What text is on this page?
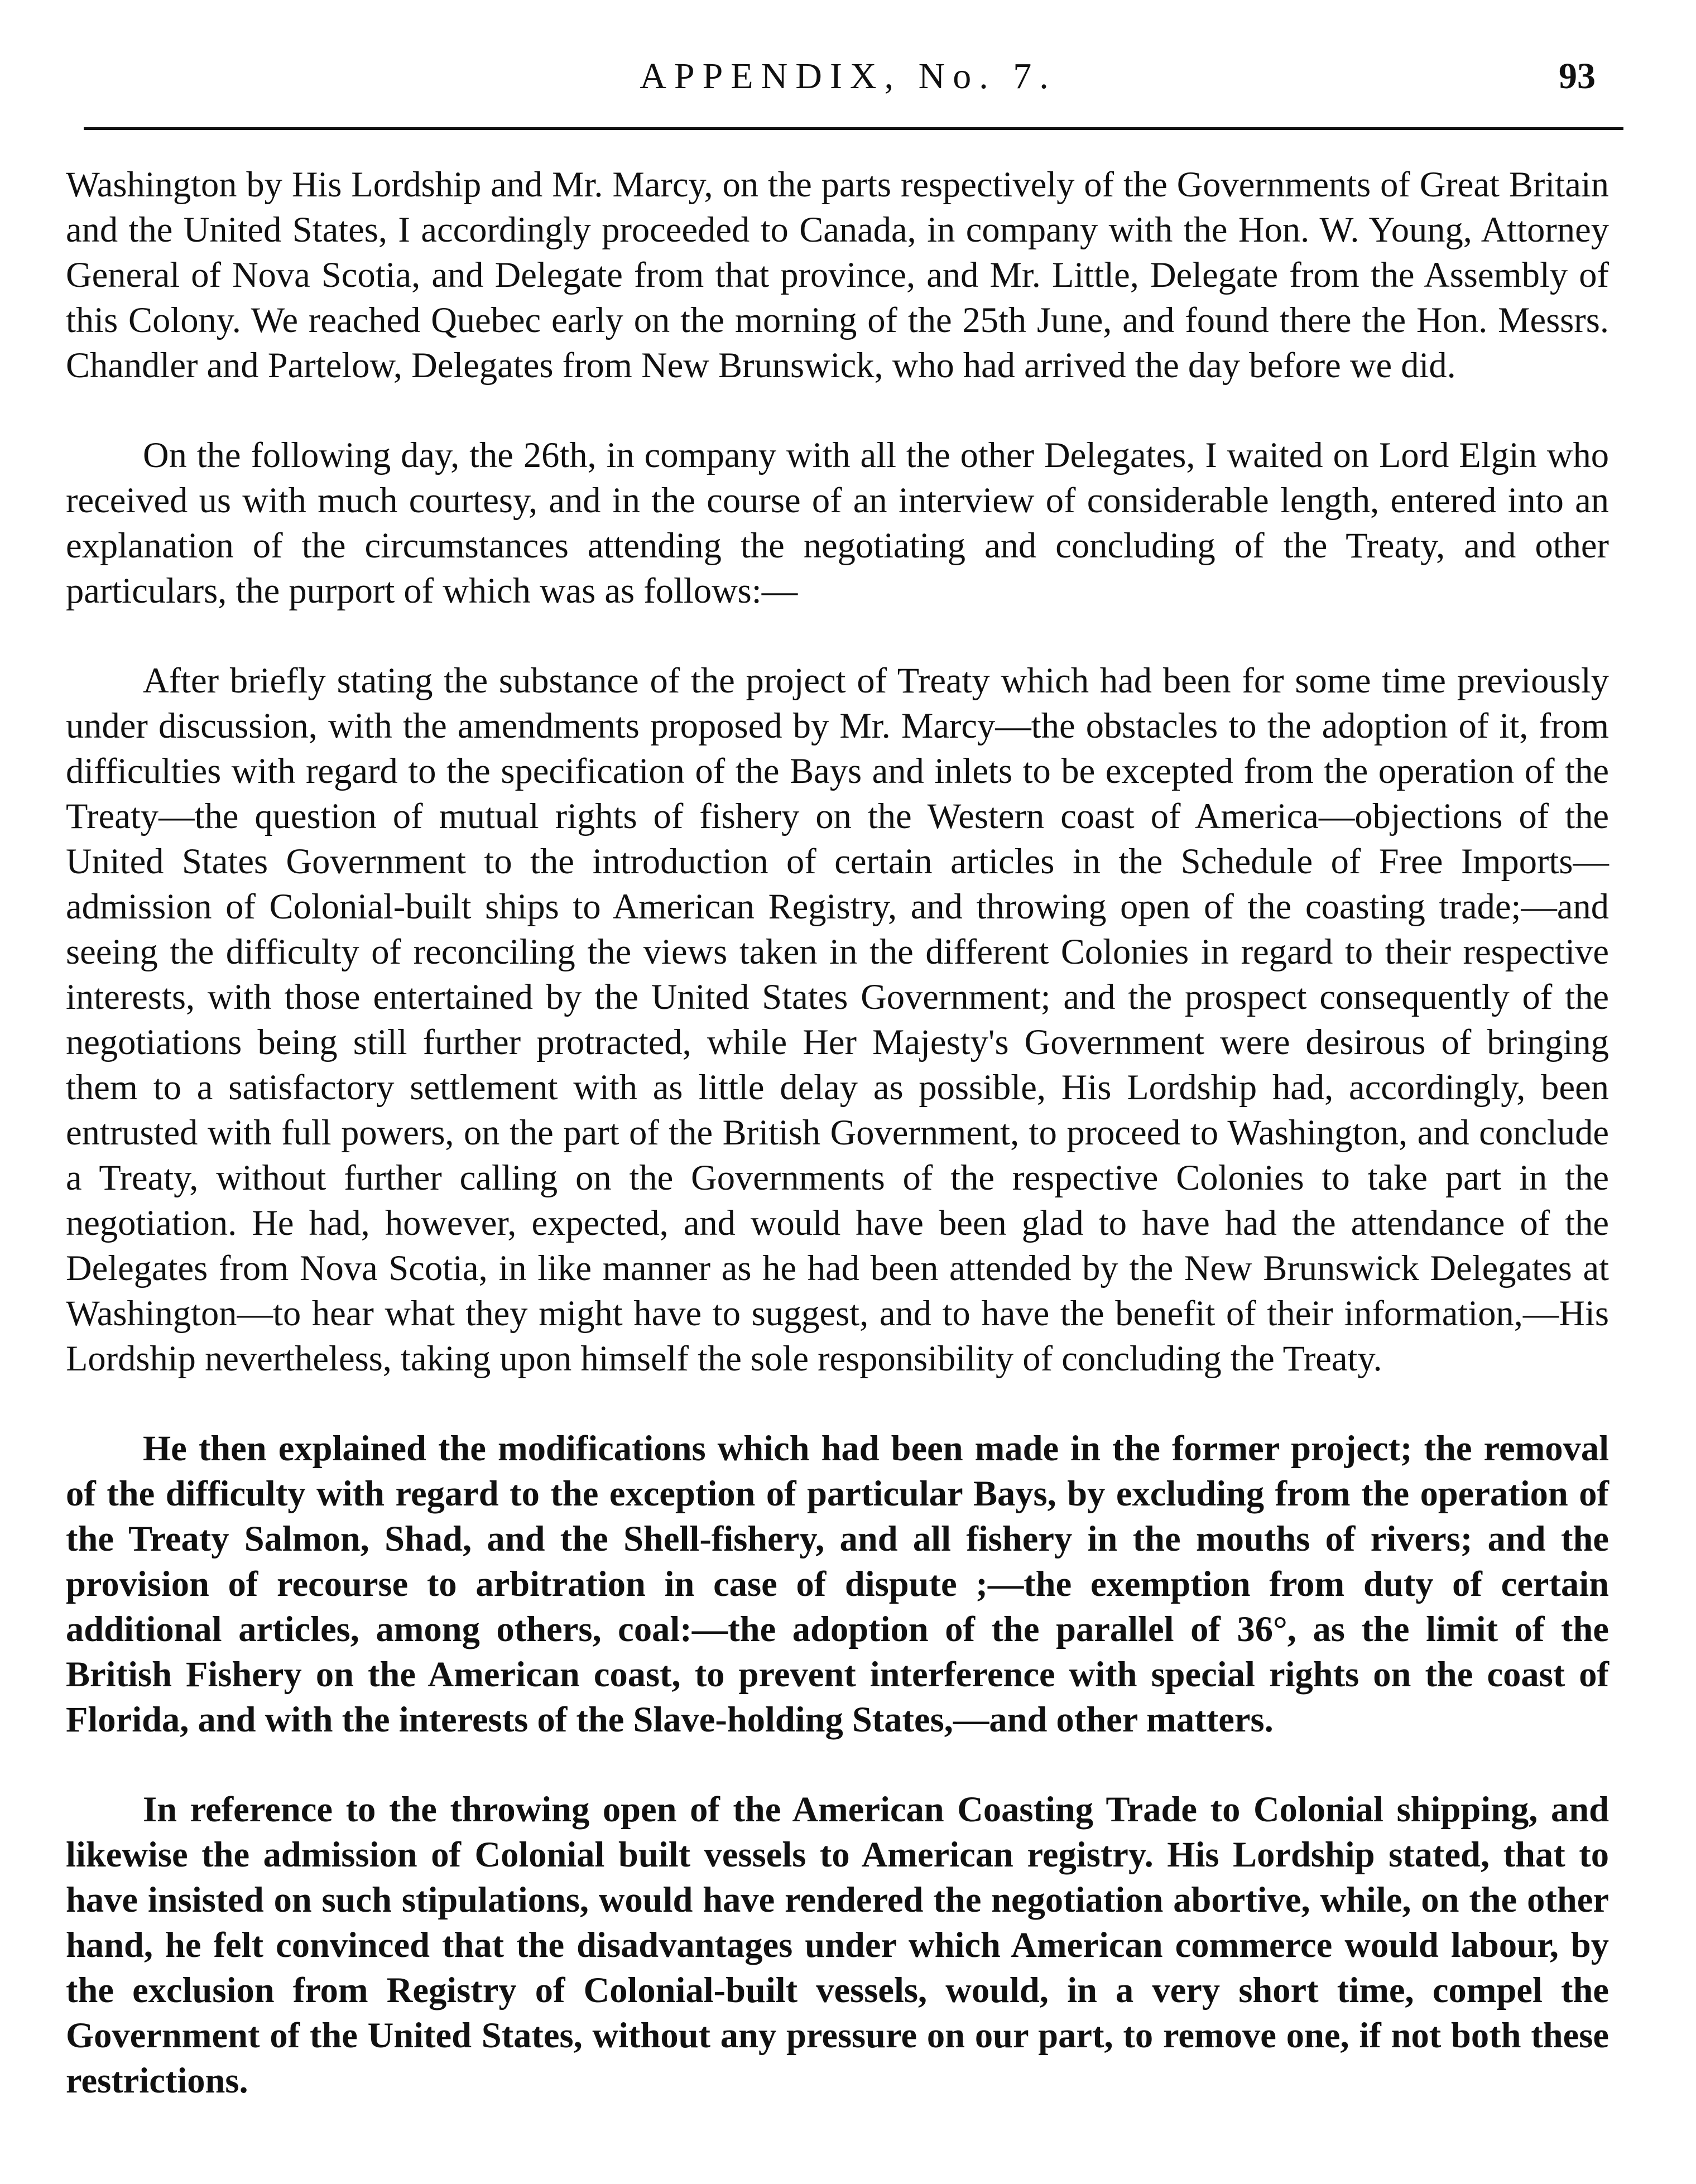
APPENDIX, No. 7.	93

Washington by His Lordship and Mr. Marcy, on the parts respectively of the Governments of Great Britain and the United States, I accordingly proceeded to Canada, in company with the Hon. W. Young, Attorney General of Nova Scotia, and Delegate from that province, and Mr. Little, Delegate from the Assembly of this Colony. We reached Quebec early on the morning of the 25th June, and found there the Hon. Messrs. Chandler and Partelow, Delegates from New Brunswick, who had arrived the day before we did.

On the following day, the 26th, in company with all the other Delegates, I waited on Lord Elgin who received us with much courtesy, and in the course of an interview of considerable length, entered into an explanation of the circumstances attending the negotiating and concluding of the Treaty, and other particulars, the purport of which was as follows:—

After briefly stating the substance of the project of Treaty which had been for some time previously under discussion, with the amendments proposed by Mr. Marcy—the obstacles to the adoption of it, from difficulties with regard to the specification of the Bays and inlets to be excepted from the operation of the Treaty—the question of mutual rights of fishery on the Western coast of America—objections of the United States Government to the introduction of certain articles in the Schedule of Free Imports—admission of Colonial-built ships to American Registry, and throwing open of the coasting trade;—and seeing the difficulty of reconciling the views taken in the different Colonies in regard to their respective interests, with those entertained by the United States Government; and the prospect consequently of the negotiations being still further protracted, while Her Majesty's Government were desirous of bringing them to a satisfactory settlement with as little delay as possible, His Lordship had, accordingly, been entrusted with full powers, on the part of the British Government, to proceed to Washington, and conclude a Treaty, without further calling on the Governments of the respective Colonies to take part in the negotiation. He had, however, expected, and would have been glad to have had the attendance of the Delegates from Nova Scotia, in like manner as he had been attended by the New Brunswick Delegates at Washington—to hear what they might have to suggest, and to have the benefit of their information,—His Lordship nevertheless, taking upon himself the sole responsibility of concluding the Treaty.

He then explained the modifications which had been made in the former project; the removal of the difficulty with regard to the exception of particular Bays, by excluding from the operation of the Treaty Salmon, Shad, and the Shell-fishery, and all fishery in the mouths of rivers; and the provision of recourse to arbitration in case of dispute ;—the exemption from duty of certain additional articles, among others, coal:—the adoption of the parallel of 36°, as the limit of the British Fishery on the American coast, to prevent interference with special rights on the coast of Florida, and with the interests of the Slave-holding States,—and other matters.

In reference to the throwing open of the American Coasting Trade to Colonial shipping, and likewise the admission of Colonial built vessels to American registry. His Lordship stated, that to have insisted on such stipulations, would have rendered the negotiation abortive, while, on the other hand, he felt convinced that the disadvantages under which American commerce would labour, by the exclusion from Registry of Colonial-built vessels, would, in a very short time, compel the Government of the United States, without any pressure on our part, to remove one, if not both these restrictions.
